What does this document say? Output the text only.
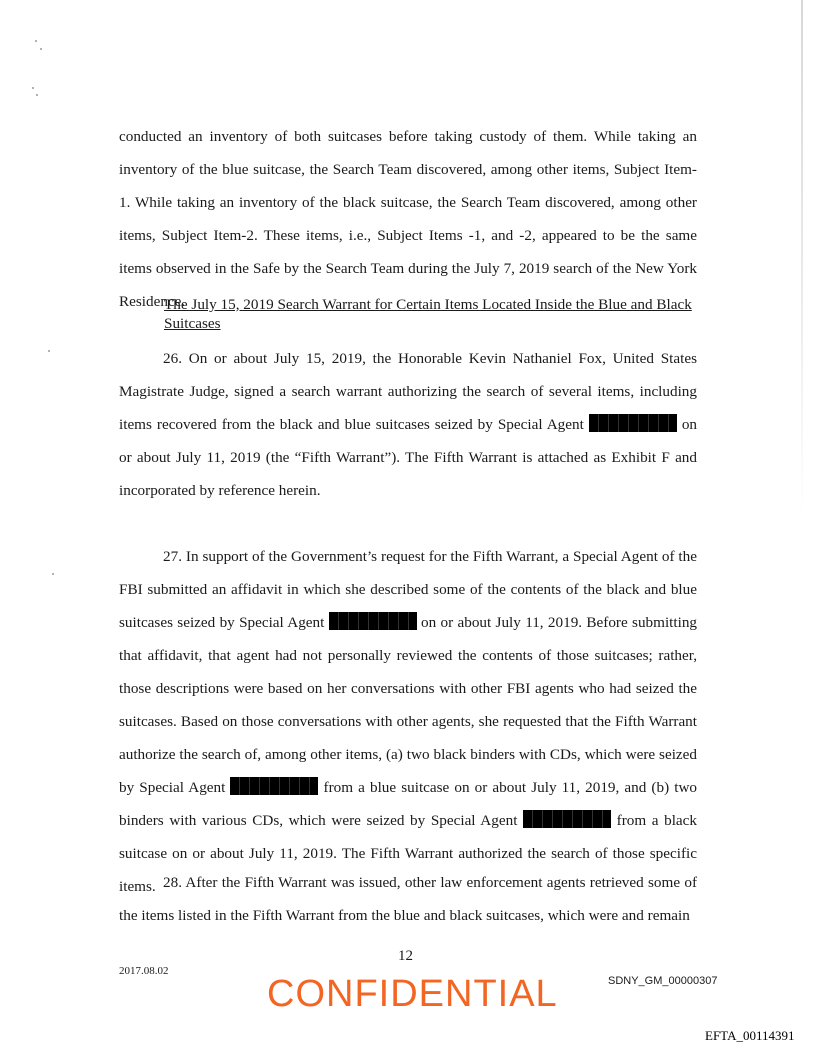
conducted an inventory of both suitcases before taking custody of them. While taking an inventory of the blue suitcase, the Search Team discovered, among other items, Subject Item-1. While taking an inventory of the black suitcase, the Search Team discovered, among other items, Subject Item-2. These items, i.e., Subject Items -1, and -2, appeared to be the same items observed in the Safe by the Search Team during the July 7, 2019 search of the New York Residence.
The July 15, 2019 Search Warrant for Certain Items Located Inside the Blue and Black Suitcases
26. On or about July 15, 2019, the Honorable Kevin Nathaniel Fox, United States Magistrate Judge, signed a search warrant authorizing the search of several items, including items recovered from the black and blue suitcases seized by Special Agent	on or about July 11, 2019 (the “Fifth Warrant”). The Fifth Warrant is attached as Exhibit F and incorporated by reference herein.
27. In support of the Government’s request for the Fifth Warrant, a Special Agent of the FBI submitted an affidavit in which she described some of the contents of the black and blue suitcases seized by Special Agent	on or about July 11, 2019. Before submitting that affidavit, that agent had not personally reviewed the contents of those suitcases; rather, those descriptions were based on her conversations with other FBI agents who had seized the suitcases. Based on those conversations with other agents, she requested that the Fifth Warrant authorize the search of, among other items, (a) two black binders with CDs, which were seized by Special Agent	from a blue suitcase on or about July 11, 2019, and (b) two binders with various CDs, which were seized by Special Agent	from a black suitcase on or about July 11, 2019. The Fifth Warrant authorized the search of those specific items. 28. After the Fifth Warrant was issued, other law enforcement agents retrieved some of the items listed in the Fifth Warrant from the blue and black suitcases, which were and remain
12
2017.08.02
CONFIDENTIAL	SDNY_GM_00000307
EFTA_00114391
